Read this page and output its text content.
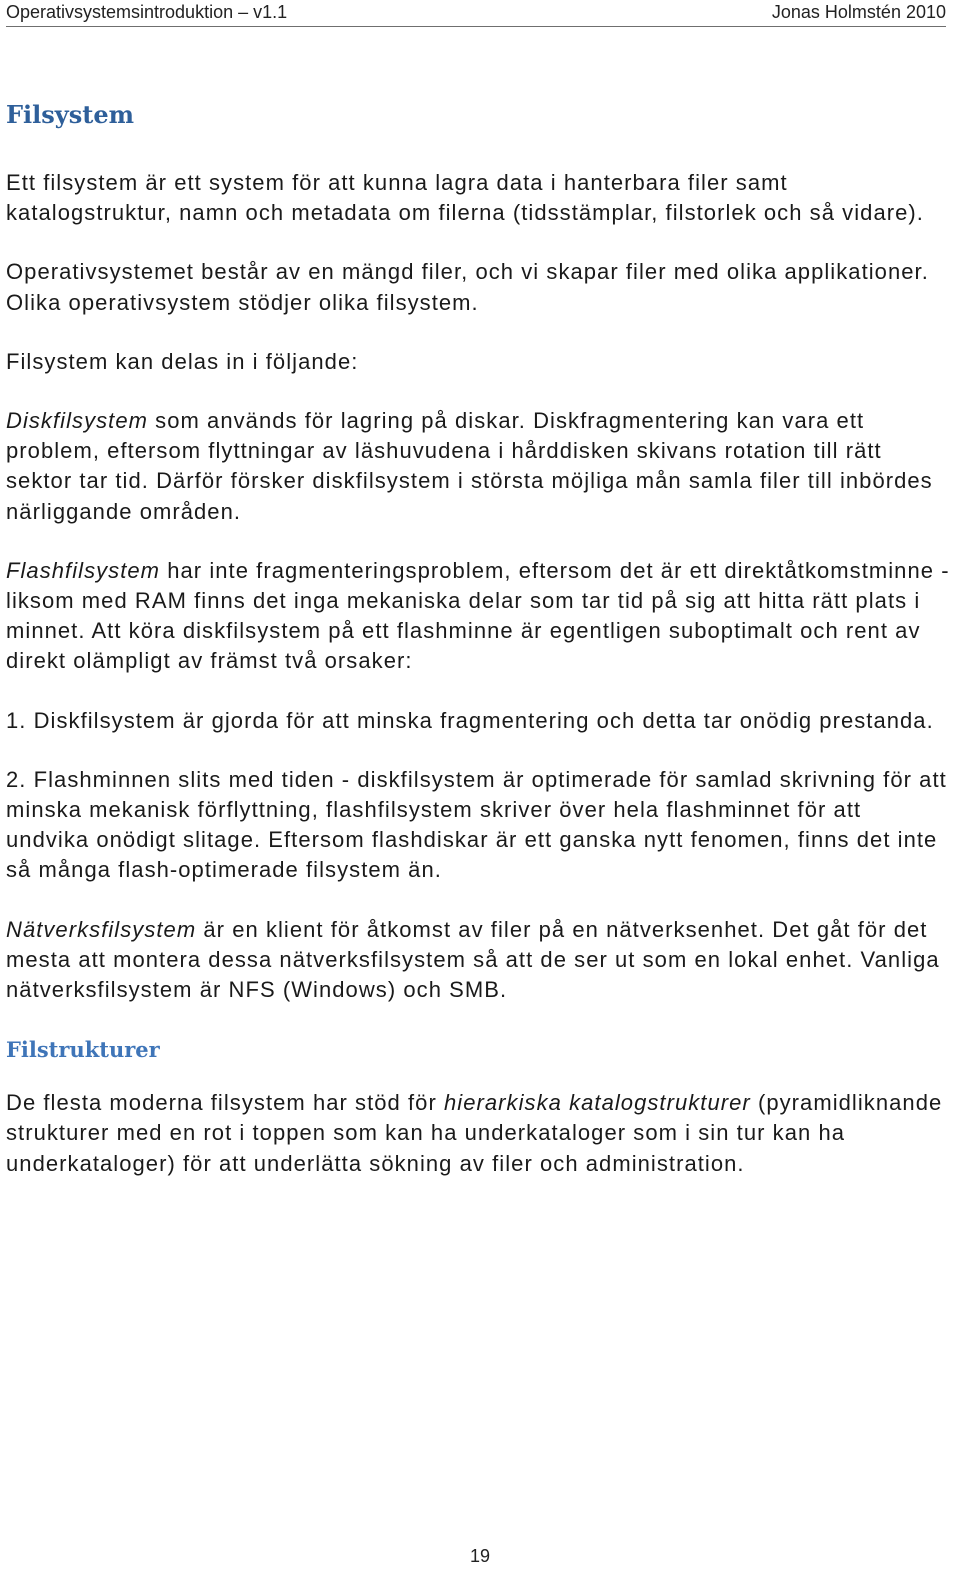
Operativsystemsintroduktion – v1.1	Jonas Holmstén 2010
Filsystem

Ett filsystem är ett system för att kunna lagra data i hanterbara filer samt katalogstruktur, namn och metadata om filerna (tidsstämplar, filstorlek och så vidare).

Operativsystemet består av en mängd filer, och vi skapar filer med olika applikationer. Olika operativsystem stödjer olika filsystem.

Filsystem kan delas in i följande:

Diskfilsystem som används för lagring på diskar. Diskfragmentering kan vara ett problem, eftersom flyttningar av läshuvudena i hårddisken skivans rotation till rätt sektor tar tid. Därför försker diskfilsystem i största möjliga mån samla filer till inbördes närliggande områden.

Flashfilsystem har inte fragmenteringsproblem, eftersom det är ett direktåtkomstminne - liksom med RAM finns det inga mekaniska delar som tar tid på sig att hitta rätt plats i minnet. Att köra diskfilsystem på ett flashminne är egentligen suboptimalt och rent av direkt olämpligt av främst två orsaker:

1. Diskfilsystem är gjorda för att minska fragmentering och detta tar onödig prestanda.

2. Flashminnen slits med tiden - diskfilsystem är optimerade för samlad skrivning för att minska mekanisk förflyttning, flashfilsystem skriver över hela flashminnet för att undvika onödigt slitage. Eftersom flashdiskar är ett ganska nytt fenomen, finns det inte så många flash-optimerade filsystem än.

Nätverksfilsystem är en klient för åtkomst av filer på en nätverksenhet. Det gåt för det mesta att montera dessa nätverksfilsystem så att de ser ut som en lokal enhet. Vanliga nätverksfilsystem är NFS (Windows) och SMB.

Filstrukturer

De flesta moderna filsystem har stöd för hierarkiska katalogstrukturer (pyramidliknande strukturer med en rot i toppen som kan ha underkataloger som i sin tur kan ha underkataloger) för att underlätta sökning av filer och administration.

19
